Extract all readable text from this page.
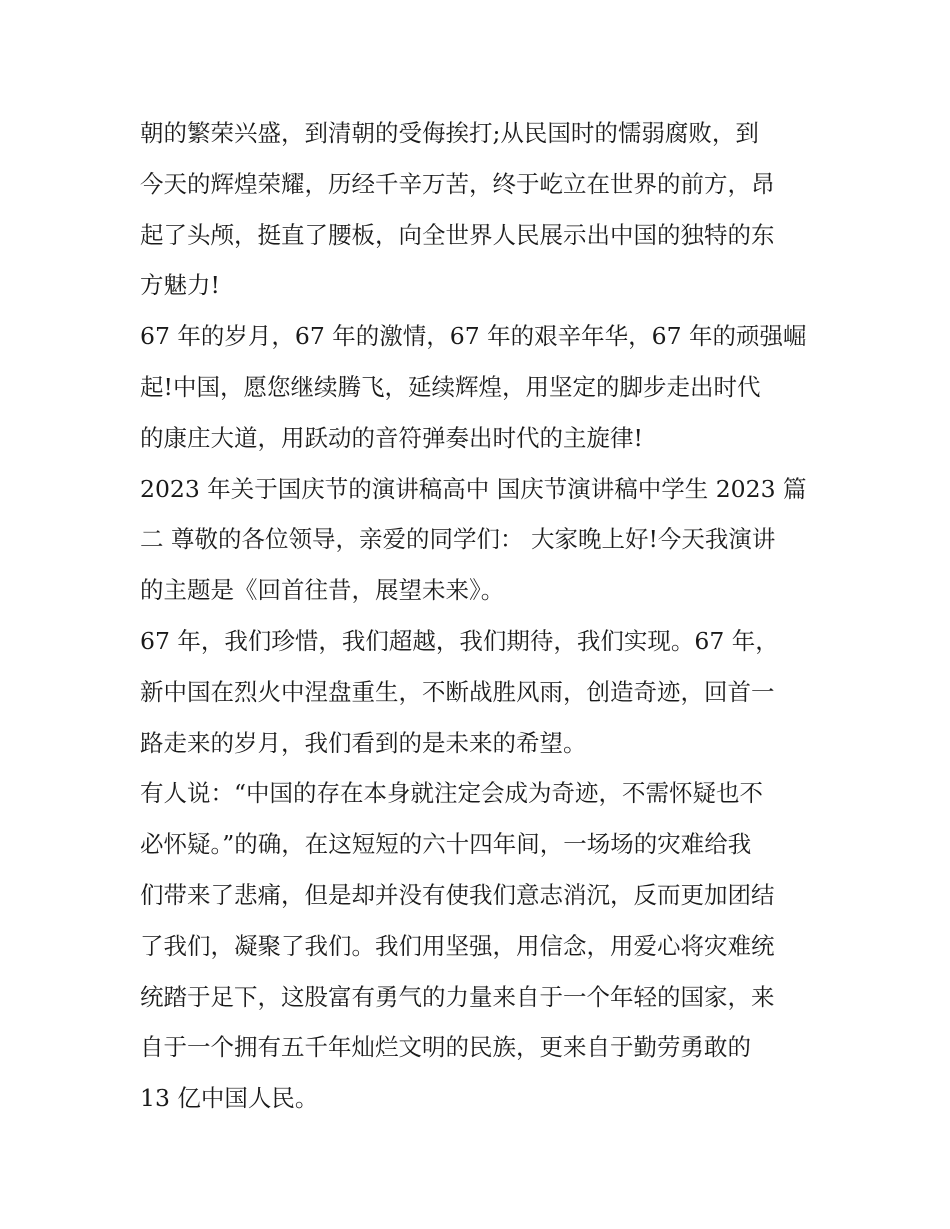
朝的繁荣兴盛，到清朝的受侮挨打;从民国时的懦弱腐败，到
今天的辉煌荣耀，历经千辛万苦，终于屹立在世界的前方，昂
起了头颅，挺直了腰板，向全世界人民展示出中国的独特的东
方魅力!

67 年的岁月，67 年的激情，67 年的艰辛年华，67 年的顽强崛
起!中国，愿您继续腾飞，延续辉煌，用坚定的脚步走出时代
的康庄大道，用跃动的音符弹奏出时代的主旋律!

2023 年关于国庆节的演讲稿高中 国庆节演讲稿中学生 2023 篇
二 尊敬的各位领导，亲爱的同学们： 大家晚上好!今天我演讲
的主题是《回首往昔，展望未来》。

67 年，我们珍惜，我们超越，我们期待，我们实现。67 年，
新中国在烈火中涅盘重生，不断战胜风雨，创造奇迹，回首一
路走来的岁月，我们看到的是未来的希望。

有人说：“中国的存在本身就注定会成为奇迹，不需怀疑也不
必怀疑。”的确，在这短短的六十四年间，一场场的灾难给我
们带来了悲痛，但是却并没有使我们意志消沉，反而更加团结
了我们，凝聚了我们。我们用坚强，用信念，用爱心将灾难统
统踏于足下，这股富有勇气的力量来自于一个年轻的国家，来
自于一个拥有五千年灿烂文明的民族，更来自于勤劳勇敢的
13 亿中国人民。
